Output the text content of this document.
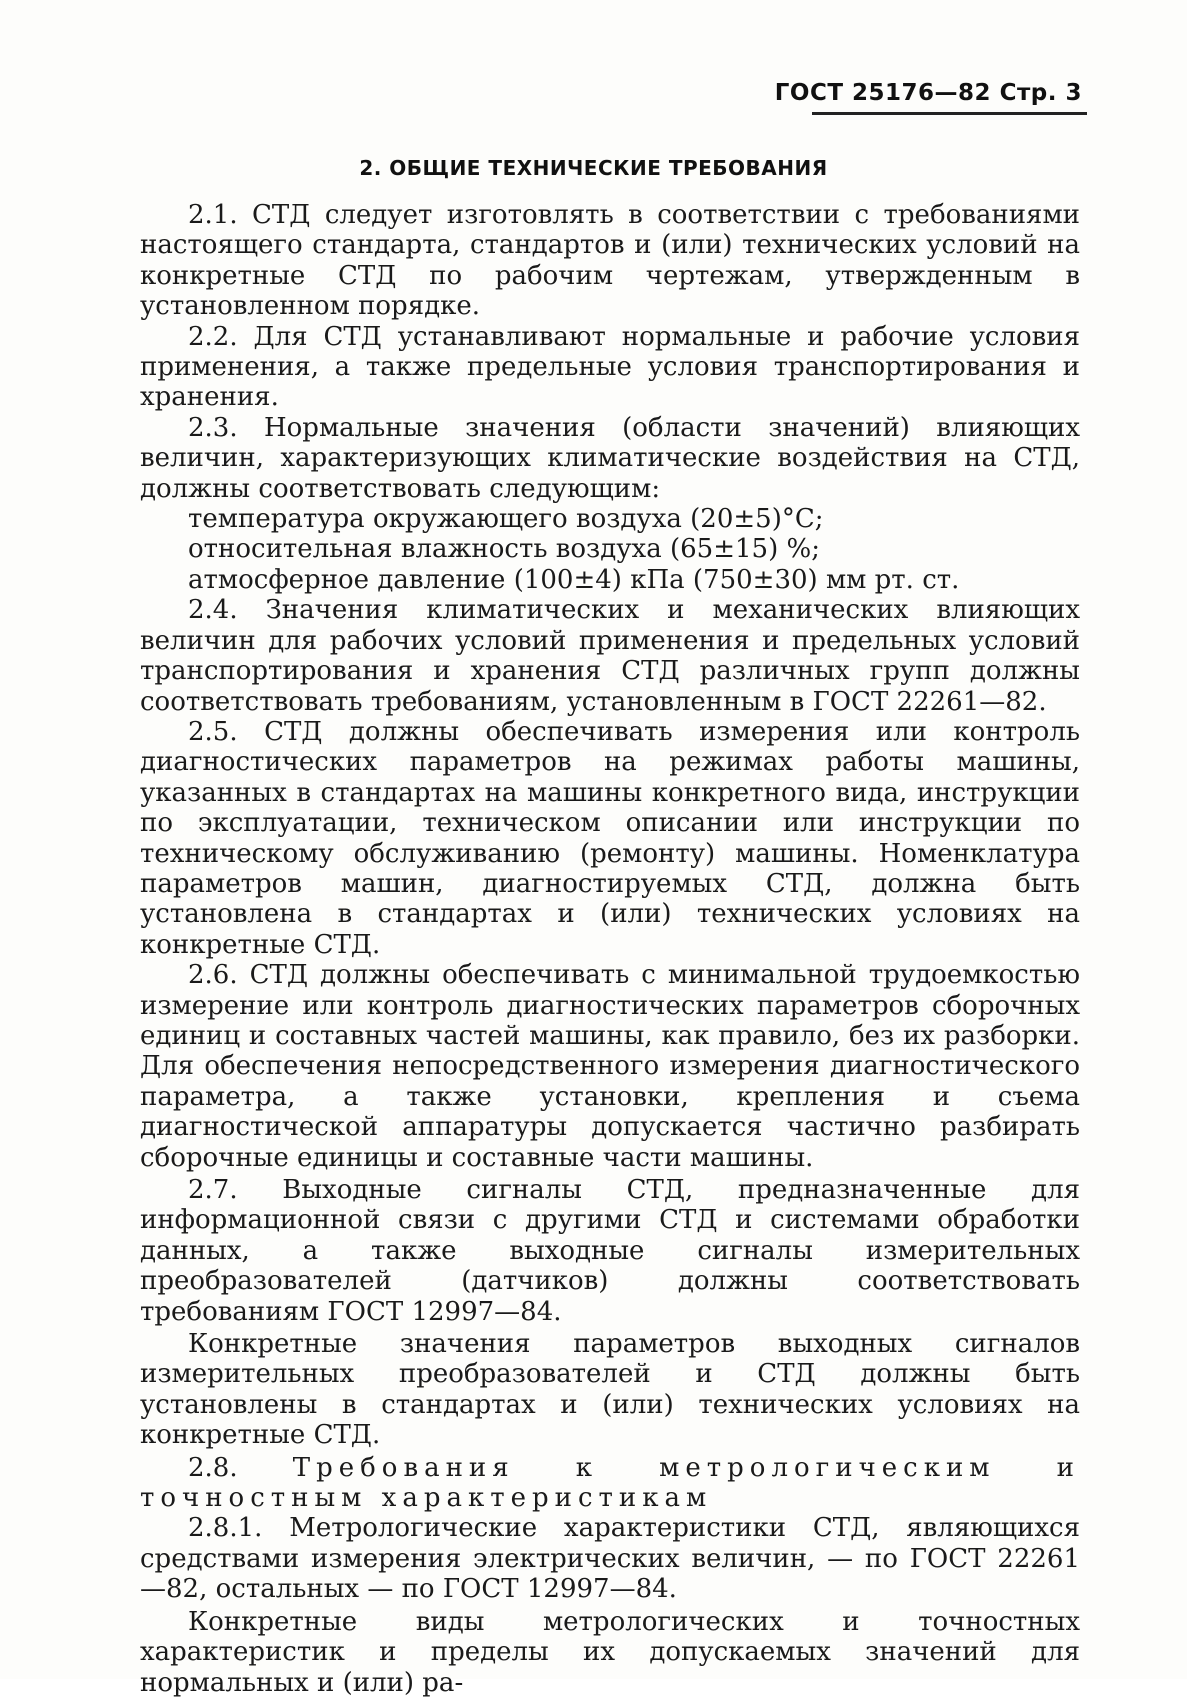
ГОСТ 25176—82 Стр. 3
2. ОБЩИЕ ТЕХНИЧЕСКИЕ ТРЕБОВАНИЯ

2.1. СТД следует изготовлять в соответствии с требованиями настоящего стандарта, стандартов и (или) технических условий на конкретные СТД по рабочим чертежам, утвержденным в установленном порядке.

2.2. Для СТД устанавливают нормальные и рабочие условия применения, а также предельные условия транспортирования и хранения.

2.3. Нормальные значения (области значений) влияющих величин, характеризующих климатические воздействия на СТД, должны соответствовать следующим:

температура окружающего воздуха (20±5)°С;

относительная влажность воздуха (65±15) %;

атмосферное давление (100±4) кПа (750±30) мм рт. ст.

2.4. Значения климатических и механических влияющих величин для рабочих условий применения и предельных условий транспортирования и хранения СТД различных групп должны соответствовать требованиям, установленным в ГОСТ 22261—82.

2.5. СТД должны обеспечивать измерения или контроль диагностических параметров на режимах работы машины, указанных в стандартах на машины конкретного вида, инструкции по эксплуатации, техническом описании или инструкции по техническому обслуживанию (ремонту) машины. Номенклатура параметров машин, диагностируемых СТД, должна быть установлена в стандартах и (или) технических условиях на конкретные СТД.

2.6. СТД должны обеспечивать с минимальной трудоемкостью измерение или контроль диагностических параметров сборочных единиц и составных частей машины, как правило, без их разборки. Для обеспечения непосредственного измерения диагностического параметра, а также установки, крепления и съема диагностической аппаратуры допускается частично разбирать сборочные единицы и составные части машины.

2.7. Выходные сигналы СТД, предназначенные для информационной связи с другими СТД и системами обработки данных, а также выходные сигналы измерительных преобразователей (датчиков) должны соответствовать требованиям ГОСТ 12997—84.

Конкретные значения параметров выходных сигналов измерительных преобразователей и СТД должны быть установлены в стандартах и (или) технических условиях на конкретные СТД.

2.8. Требования к метрологическим и точностным характеристикам

2.8.1. Метрологические характеристики СТД, являющихся средствами измерения электрических величин, — по ГОСТ 22261—82, остальных — по ГОСТ 12997—84.

Конкретные виды метрологических и точностных характеристик и пределы их допускаемых значений для нормальных и (или) ра-
